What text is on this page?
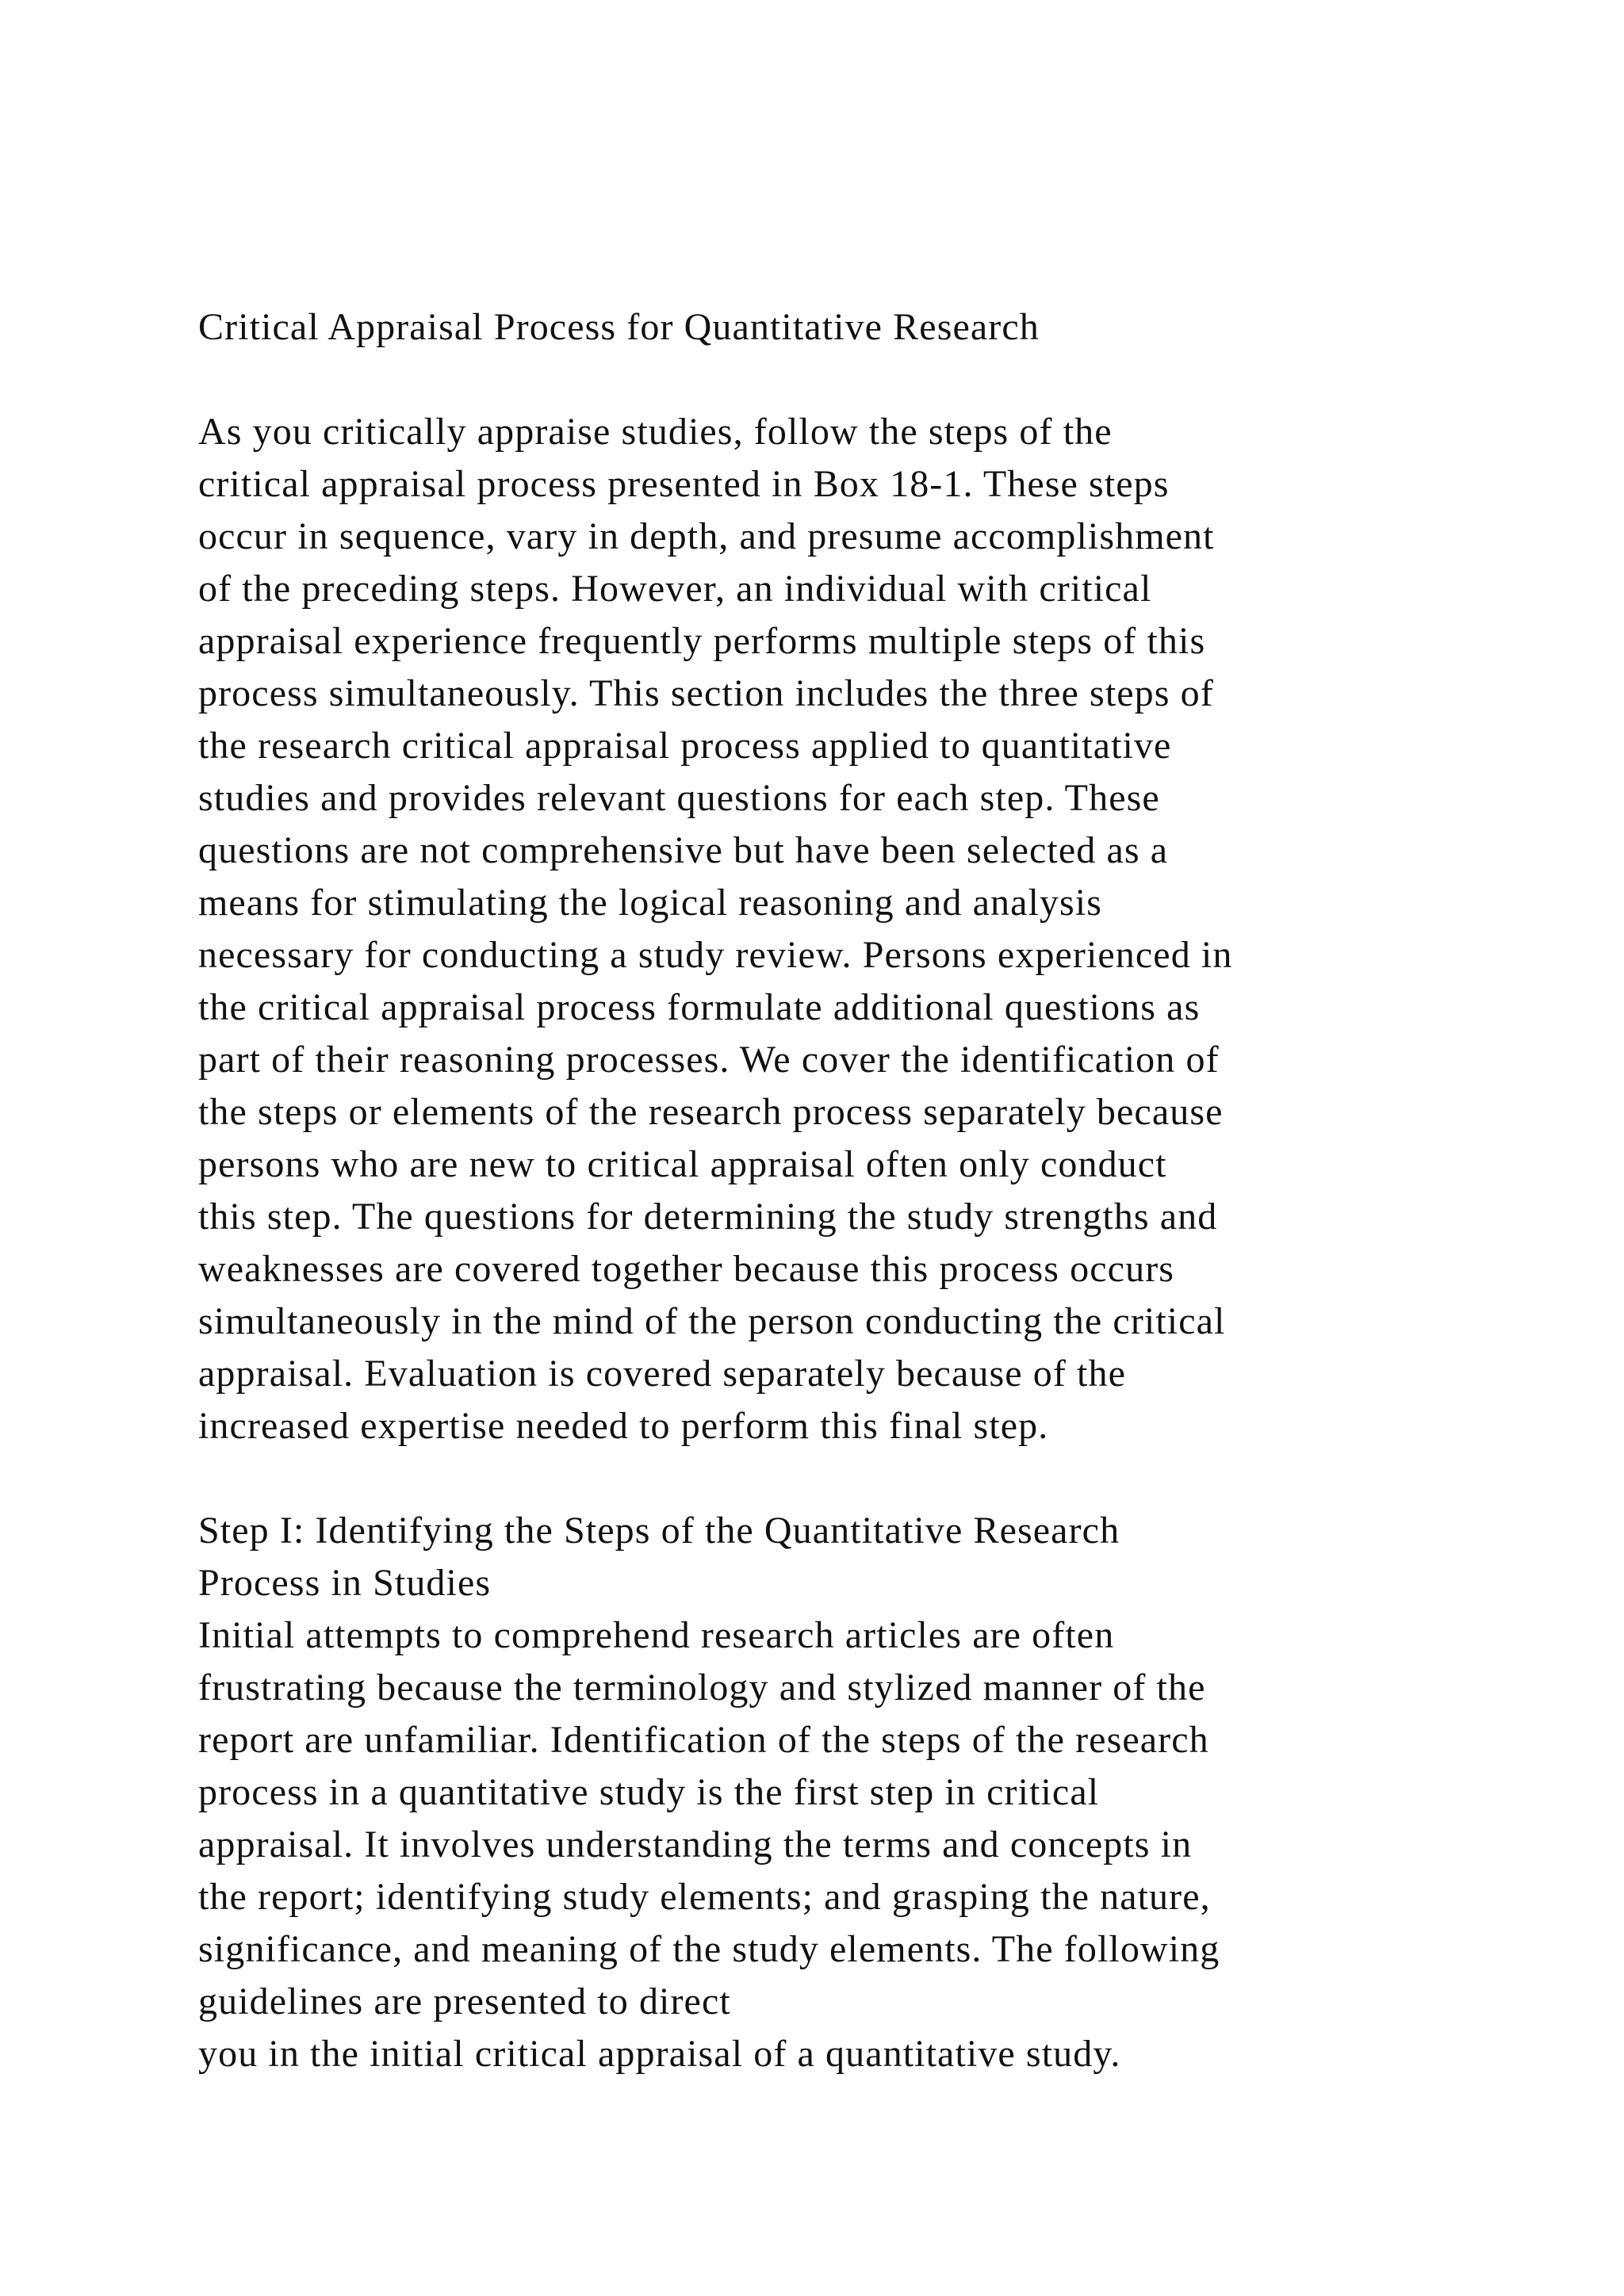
Critical Appraisal Process for Quantitative Research
As you critically appraise studies, follow the steps of the
critical appraisal process presented in Box 18-1. These steps
occur in sequence, vary in depth, and presume accomplishment
of the preceding steps. However, an individual with critical
appraisal experience frequently performs multiple steps of this
process simultaneously. This section includes the three steps of
the research critical appraisal process applied to quantitative
studies and provides relevant questions for each step. These
questions are not comprehensive but have been selected as a
means for stimulating the logical reasoning and analysis
necessary for conducting a study review. Persons experienced in
the critical appraisal process formulate additional questions as
part of their reasoning processes. We cover the identification of
the steps or elements of the research process separately because
persons who are new to critical appraisal often only conduct
this step. The questions for determining the study strengths and
weaknesses are covered together because this process occurs
simultaneously in the mind of the person conducting the critical
appraisal. Evaluation is covered separately because of the
increased expertise needed to perform this final step.
Step I: Identifying the Steps of the Quantitative Research
Process in Studies
Initial attempts to comprehend research articles are often
frustrating because the terminology and stylized manner of the
report are unfamiliar. Identification of the steps of the research
process in a quantitative study is the first step in critical
appraisal. It involves understanding the terms and concepts in
the report; identifying study elements; and grasping the nature,
significance, and meaning of the study elements. The following
guidelines are presented to direct
you in the initial critical appraisal of a quantitative study.
